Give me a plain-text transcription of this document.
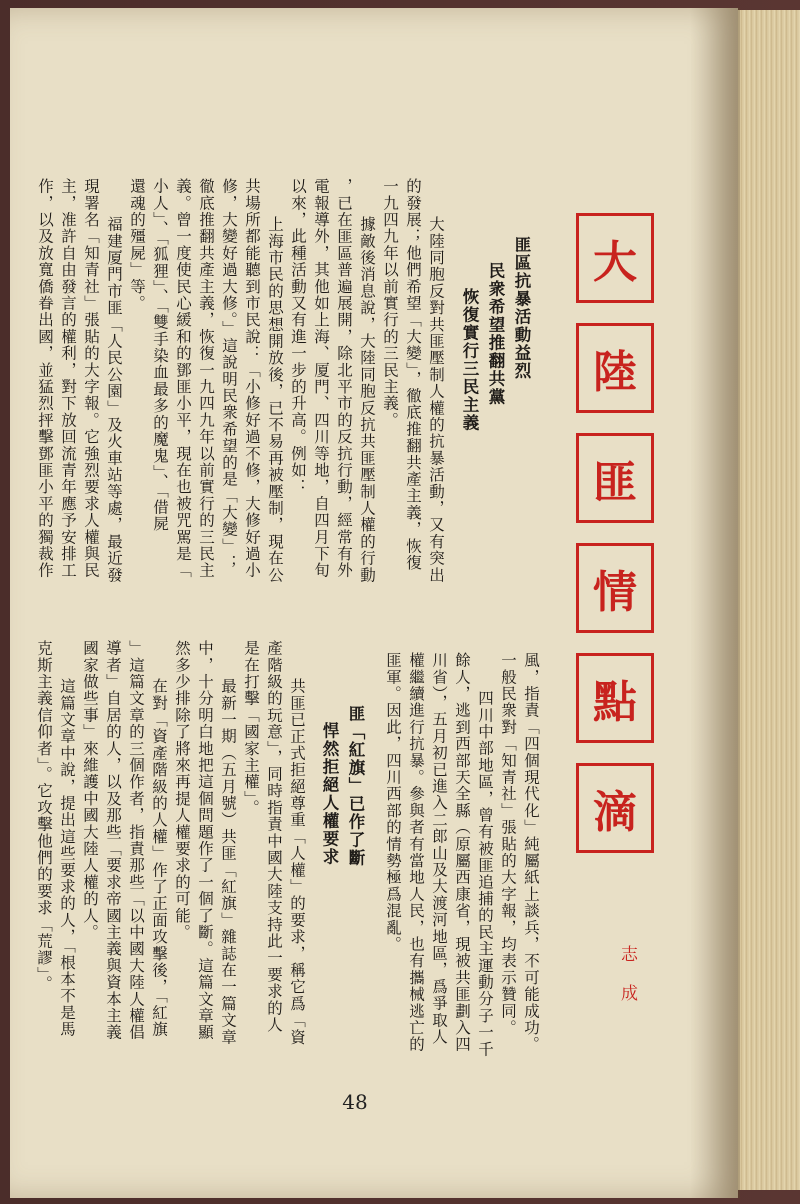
大
陸
匪
情
點
滴
志成
匪區抗暴活動益烈
民衆希望推翻共黨
恢復實行三民主義
大陸同胞反對共匪壓制人權的抗暴活動，又有突出
的發展；他們希望「大變」，徹底推翻共產主義，恢復
一九四九年以前實行的三民主義。
據敵後消息說，大陸同胞反抗共匪壓制人權的行動
，已在匪區普遍展開，除北平市的反抗行動，經常有外
電報導外，其他如上海、厦門、四川等地，自四月下旬
以來，此種活動又有進一步的升高。例如：
上海市民的思想開放後，已不易再被壓制，現在公
共場所都能聽到市民說：「小修好過不修，大修好過小
修，大變好過大修。」這說明民衆希望的是「大變」；
徹底推翻共產主義，恢復一九四九年以前實行的三民主
義。曾一度使民心緩和的鄧匪小平，現在也被咒駡是「
小人」、「狐狸」、「雙手染血最多的魔鬼」、「借屍
還魂的殭屍」等。
福建厦門市匪「人民公園」及火車站等處，最近發
現署名「知青社」張貼的大字報。它強烈要求人權與民
主，准許自由發言的權利，對下放回流青年應予安排工
作，以及放寬僑眷出國，並猛烈抨擊鄧匪小平的獨裁作
風，指責「四個現代化」純屬紙上談兵，不可能成功。
一般民衆對「知青社」張貼的大字報，均表示贊同。
四川中部地區，曾有被匪追捕的民主運動分子一千
餘人，逃到西部天全縣（原屬西康省，現被共匪劃入四
川省），五月初已進入二郎山及大渡河地區，爲爭取人
權繼續進行抗暴。參與者有當地人民，也有攜械逃亡的
匪軍。因此，四川西部的情勢極爲混亂。
匪「紅旗」已作了斷
悍然拒絕人權要求
共匪已正式拒絕尊重「人權」的要求，稱它爲「資
產階級的玩意」，同時指責中國大陸支持此一要求的人
是在打擊「國家主權」。
最新一期（五月號）共匪「紅旗」雜誌在一篇文章
中，十分明白地把這個問題作了一個了斷。這篇文章顯
然多少排除了將來再提人權要求的可能。
在對「資產階級的人權」作了正面攻擊後，「紅旗
」這篇文章的三個作者，指責那些「以中國大陸人權倡
導者」自居的人，以及那些「要求帝國主義與資本主義
國家做些事」來維護中國大陸人權的人。
這篇文章中說，提出這些要求的人，「根本不是馬
克斯主義信仰者」。它攻擊他們的要求「荒謬」。
48
